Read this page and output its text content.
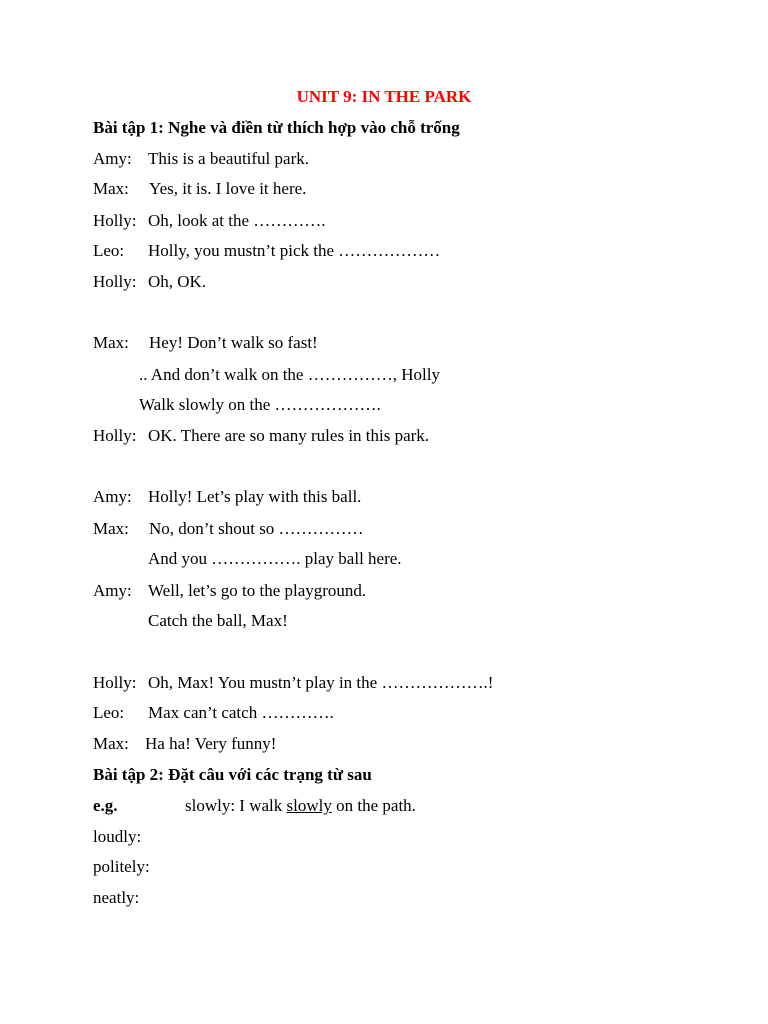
UNIT 9: IN THE PARK
Bài tập 1: Nghe và điền từ thích hợp vào chỗ trống
Amy: This is a beautiful park.
Max: Yes, it is. I love it here.
Holly: Oh, look at the ………….
Leo: Holly, you mustn’t pick the ………………
Holly: Oh, OK.
Max: Hey! Don’t walk so fast!
.. And don’t walk on the ……………, Holly
Walk slowly on the ……………….
Holly: OK. There are so many rules in this park.
Amy: Holly! Let’s play with this ball.
Max: No, don’t shout so ……………
And you ……………. play ball here.
Amy: Well, let’s go to the playground.
Catch the ball, Max!
Holly: Oh, Max! You mustn’t play in the ……………….!
Leo: Max can’t catch ………….
Max: Ha ha! Very funny!
Bài tập 2: Đặt câu với các trạng từ sau
e.g.	slowly: I walk slowly on the path.
loudly:
politely:
neatly:
